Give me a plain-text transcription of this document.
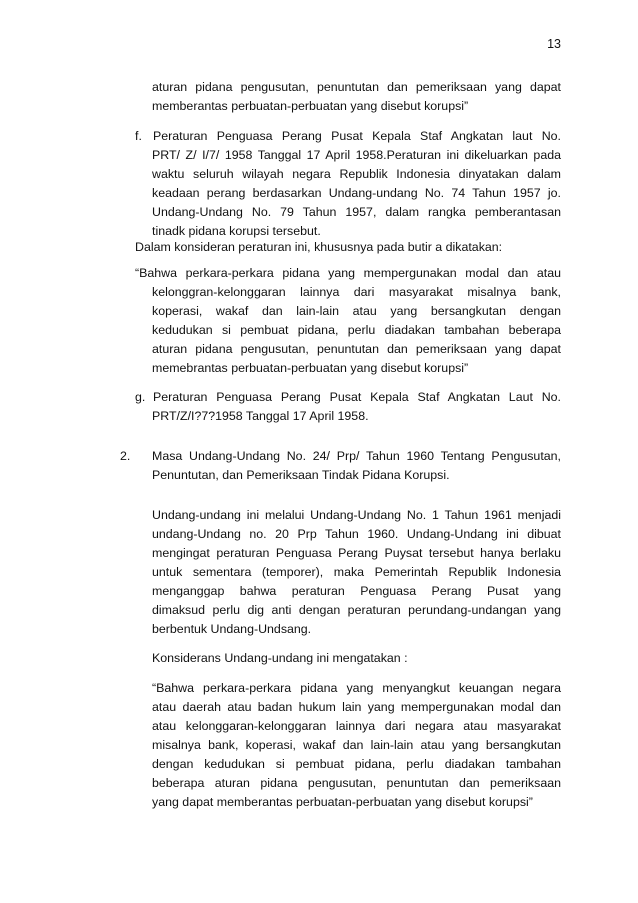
13
aturan pidana pengusutan, penuntutan dan pemeriksaan yang dapat
memberantas perbuatan-perbuatan yang disebut korupsi”
f. Peraturan Penguasa Perang Pusat Kepala Staf Angkatan laut No.
PRT/ Z/ I/7/ 1958 Tanggal 17 April 1958.Peraturan ini dikeluarkan pada
waktu seluruh wilayah negara Republik Indonesia dinyatakan dalam
keadaan perang berdasarkan Undang-undang No. 74 Tahun 1957 jo.
Undang-Undang No. 79 Tahun 1957, dalam rangka pemberantasan
tinadk pidana korupsi tersebut.
Dalam konsideran peraturan ini, khususnya pada butir a dikatakan:
“Bahwa perkara-perkara pidana yang mempergunakan modal dan atau
kelonggran-kelonggaran lainnya dari masyarakat misalnya bank,
koperasi, wakaf dan lain-lain atau yang bersangkutan dengan
kedudukan si pembuat pidana, perlu diadakan tambahan beberapa
aturan pidana pengusutan, penuntutan dan pemeriksaan yang dapat
memebrantas perbuatan-perbuatan yang disebut korupsi”
g. Peraturan Penguasa Perang Pusat Kepala Staf Angkatan Laut No.
PRT/Z/I?7?1958 Tanggal 17 April 1958.
2. Masa Undang-Undang No. 24/ Prp/ Tahun 1960 Tentang Pengusutan,
Penuntutan, dan Pemeriksaan Tindak Pidana Korupsi.
Undang-undang ini melalui Undang-Undang No. 1 Tahun 1961 menjadi
undang-Undang no. 20 Prp Tahun 1960. Undang-Undang ini dibuat
mengingat peraturan Penguasa Perang Puysat tersebut hanya berlaku
untuk sementara (temporer), maka Pemerintah Republik Indonesia
menganggap bahwa peraturan Penguasa Perang Pusat yang
dimaksud perlu dig anti dengan peraturan perundang-undangan yang
berbentuk Undang-Undsang.
Konsiderans Undang-undang ini mengatakan :
“Bahwa perkara-perkara pidana yang menyangkut keuangan negara
atau daerah atau badan hukum lain yang mempergunakan modal dan
atau kelonggaran-kelonggaran lainnya dari negara atau masyarakat
misalnya bank, koperasi, wakaf dan lain-lain atau yang bersangkutan
dengan kedudukan si pembuat pidana, perlu diadakan tambahan
beberapa aturan pidana pengusutan, penuntutan dan pemeriksaan
yang dapat memberantas perbuatan-perbuatan yang disebut korupsi”
